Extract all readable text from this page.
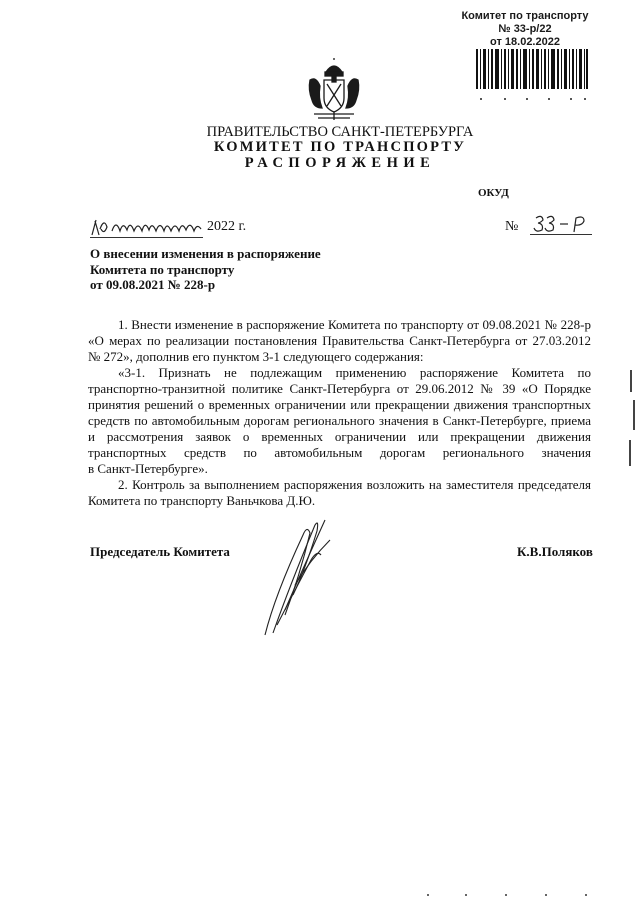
Комитет по транспорту
№ 33-р/22
от 18.02.2022
ПРАВИТЕЛЬСТВО САНКТ-ПЕТЕРБУРГА
КОМИТЕТ ПО ТРАНСПОРТУ
РАСПОРЯЖЕНИЕ
ОКУД
2022 г.	№
О внесении изменения в распоряжение
Комитета по транспорту
от 09.08.2021 № 228-р
1. Внести изменение в распоряжение Комитета по транспорту от 09.08.2021 № 228-р «О мерах по реализации постановления Правительства Санкт-Петербурга от 27.03.2012 № 272», дополнив его пунктом 3-1 следующего содержания:
«3-1. Признать не подлежащим применению распоряжение Комитета по транспортно-транзитной политике Санкт-Петербурга от 29.06.2012 № 39 «О Порядке принятия решений о временных ограничении или прекращении движения транспортных средств по автомобильным дорогам регионального значения в Санкт-Петербурге, приема и рассмотрения заявок о временных ограничении или прекращении движения транспортных средств по автомобильным дорогам регионального значения
в Санкт-Петербурге».
2. Контроль за выполнением распоряжения возложить на заместителя председателя Комитета по транспорту Ваньчкова Д.Ю.
Председатель Комитета	К.В.Поляков
